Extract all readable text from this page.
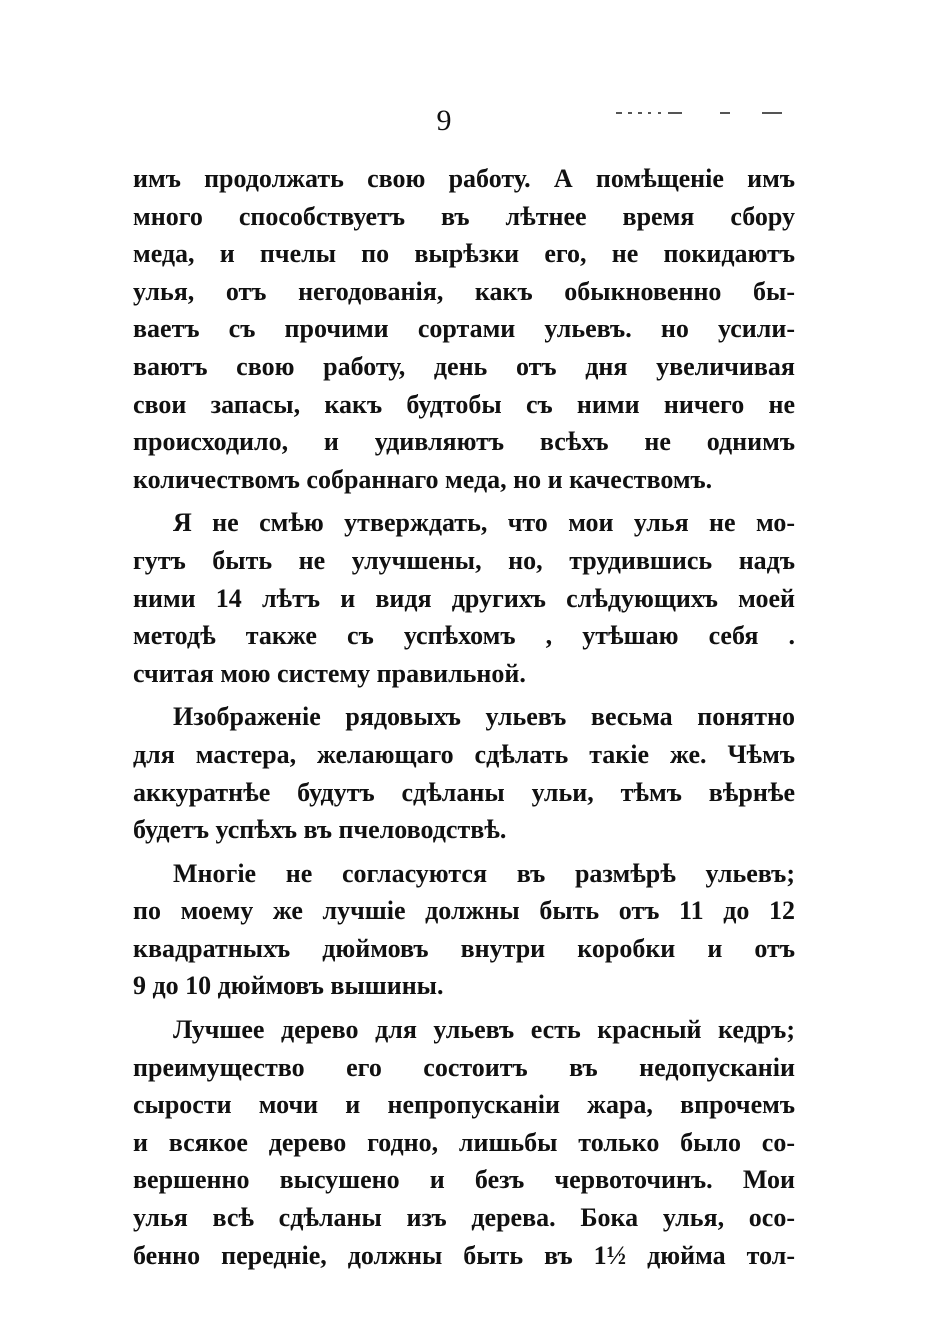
9
имъ продолжать свою работу. А помѣщеніе имъ
много способствуетъ въ лѣтнее время сбору
меда, и пчелы по вырѣзки его, не покидаютъ
улья, отъ негодованія, какъ обыкновенно бы-
ваетъ съ прочими сортами ульевъ. но усили-
ваютъ свою работу, день отъ дня увеличивая
свои запасы, какъ будтобы съ ними ничего не
происходило, и удивляютъ всѣхъ не однимъ
количествомъ собраннаго меда, но и качествомъ.
Я не смѣю утверждать, что мои улья не мо-
гутъ быть не улучшены, но, трудившись надъ
ними 14 лѣтъ и видя другихъ слѣдующихъ моей
методѣ также съ успѣхомъ , утѣшаю себя .
считая мою систему правильной.
Изображеніе рядовыхъ ульевъ весьма понятно
для мастера, желающаго сдѣлать такіе же. Чѣмъ
аккуратнѣе будутъ сдѣланы ульи, тѣмъ вѣрнѣе
будетъ успѣхъ въ пчеловодствѣ.
Многіе не согласуются въ размѣрѣ ульевъ;
по моему же лучшіе должны быть отъ 11 до 12
квадратныхъ дюймовъ внутри коробки и отъ
9 до 10 дюймовъ вышины.
Лучшее дерево для ульевъ есть красный кедръ;
преимущество его состоитъ въ недопусканіи
сырости мочи и непропусканіи жара, впрочемъ
и всякое дерево годно, лишьбы только было со-
вершенно высушено и безъ червоточинъ. Мои
улья всѣ сдѣланы изъ дерева. Бока улья, осо-
бенно передніе, должны быть въ 1½ дюйма тол-
